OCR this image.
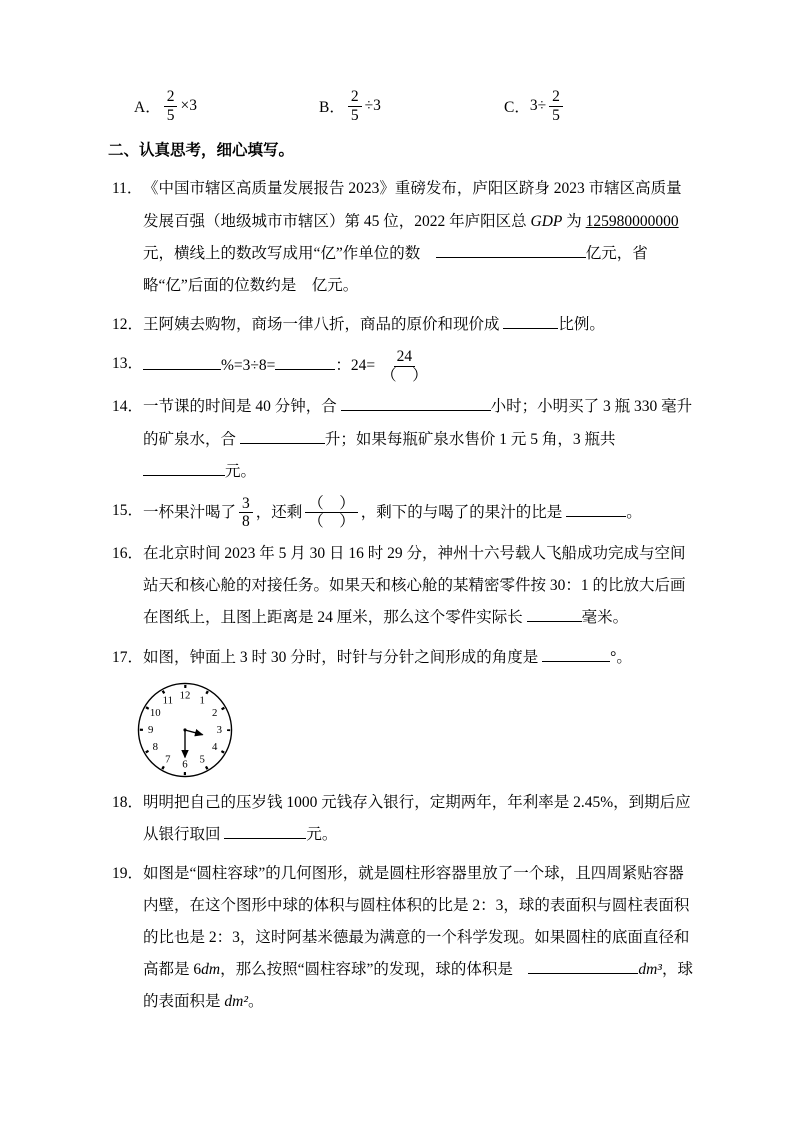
A． $\frac{2}{5} \times 3$	B． $\frac{2}{5} \div 3$	C． $3\div \frac{2}{5}$
二、认真思考，细心填写。
11． 《中国市辖区高质量发展报告 2023》重磅发布，庐阳区跻身 2023 市辖区高质量发展百强（地级城市市辖区）第 45 位，2022 年庐阳区总 GDP 为 125980000000 元，横线上的数改写成用“亿”作单位的数　	亿元，省略“亿”后面的位数约是　亿元。
12． 王阿姨去购物，商场一律八折，商品的原价和现价成	比例。
13．	%=3÷8=	：$24= \frac{24}{( )}$
14． 一节课的时间是 40 分钟，合	小时；小明买了 3 瓶 330 毫升的矿泉水，合	升；如果每瓶矿泉水售价 1 元 5 角，3 瓶共 元。
15． 一杯果汁喝了 $\frac{3}{8}$ ，还剩 $\frac{( )}{( )}$ ，剩下的与喝了的果汁的比是	。
16． 在北京时间 2023 年 5 月 30 日 16 时 29 分，神州十六号载人飞船成功完成与空间站天和核心舱的对接任务。如果天和核心舱的某精密零件按 30：1 的比放大后画在图纸上，且图上距离是 24 厘米，那么这个零件实际长	毫米。
17． 如图，钟面上 3 时 30 分时，时针与分针之间形成的角度是	°。
12 1
2
3
4
5
6
7
8
9
10
11
18． 明明把自己的压岁钱 1000 元钱存入银行，定期两年，年利率是 2.45%，到期后应从银行取回	元。
19． 如图是“圆柱容球”的几何图形，就是圆柱形容器里放了一个球，且四周紧贴容器内壁，在这个图形中球的体积与圆柱体积的比是 2：3，球的表面积与圆柱表面积的比也是 2：3，这时阿基米德最为满意的一个科学发现。如果圆柱的底面直径和高都是 6dm，那么按照“圆柱容球”的发现，球的体积是　	dm³，球的表面积是 dm²。
